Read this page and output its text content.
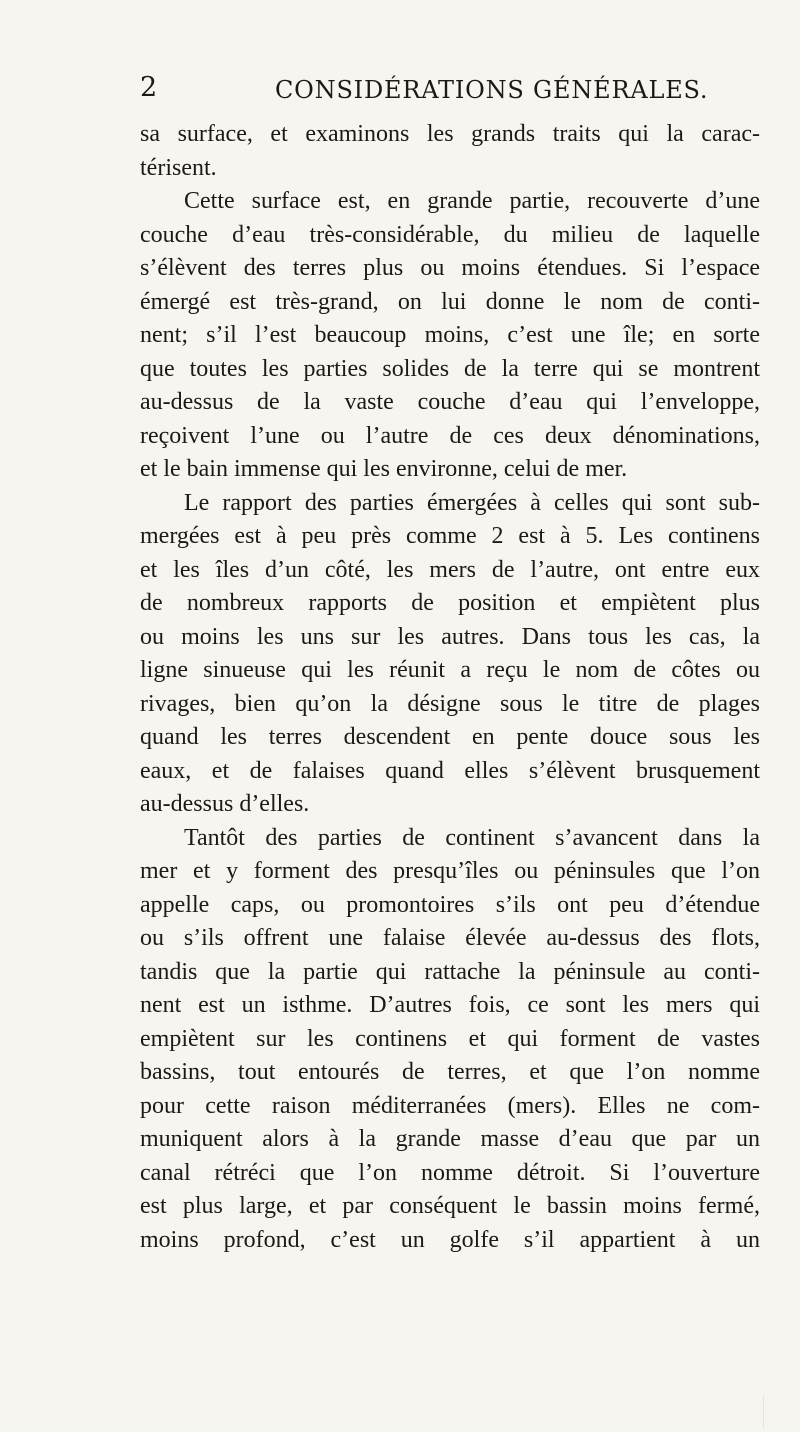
2	CONSIDÉRATIONS GÉNÉRALES.
sa surface, et examinons les grands traits qui la carac-
térisent.
Cette surface est, en grande partie, recouverte d’une
couche d’eau très-considérable, du milieu de laquelle
s’élèvent des terres plus ou moins étendues. Si l’espace
émergé est très-grand, on lui donne le nom de conti-
nent; s’il l’est beaucoup moins, c’est une île; en sorte
que toutes les parties solides de la terre qui se montrent
au-dessus de la vaste couche d’eau qui l’enveloppe,
reçoivent l’une ou l’autre de ces deux dénominations,
et le bain immense qui les environne, celui de mer.
Le rapport des parties émergées à celles qui sont sub-
mergées est à peu près comme 2 est à 5. Les continens
et les îles d’un côté, les mers de l’autre, ont entre eux
de nombreux rapports de position et empiètent plus
ou moins les uns sur les autres. Dans tous les cas, la
ligne sinueuse qui les réunit a reçu le nom de côtes ou
rivages, bien qu’on la désigne sous le titre de plages
quand les terres descendent en pente douce sous les
eaux, et de falaises quand elles s’élèvent brusquement
au-dessus d’elles.
Tantôt des parties de continent s’avancent dans la
mer et y forment des presqu’îles ou péninsules que l’on
appelle caps, ou promontoires s’ils ont peu d’étendue
ou s’ils offrent une falaise élevée au-dessus des flots,
tandis que la partie qui rattache la péninsule au conti-
nent est un isthme. D’autres fois, ce sont les mers qui
empiètent sur les continens et qui forment de vastes
bassins, tout entourés de terres, et que l’on nomme
pour cette raison méditerranées (mers). Elles ne com-
muniquent alors à la grande masse d’eau que par un
canal rétréci que l’on nomme détroit. Si l’ouverture
est plus large, et par conséquent le bassin moins fermé,
moins profond, c’est un golfe s’il appartient à un
